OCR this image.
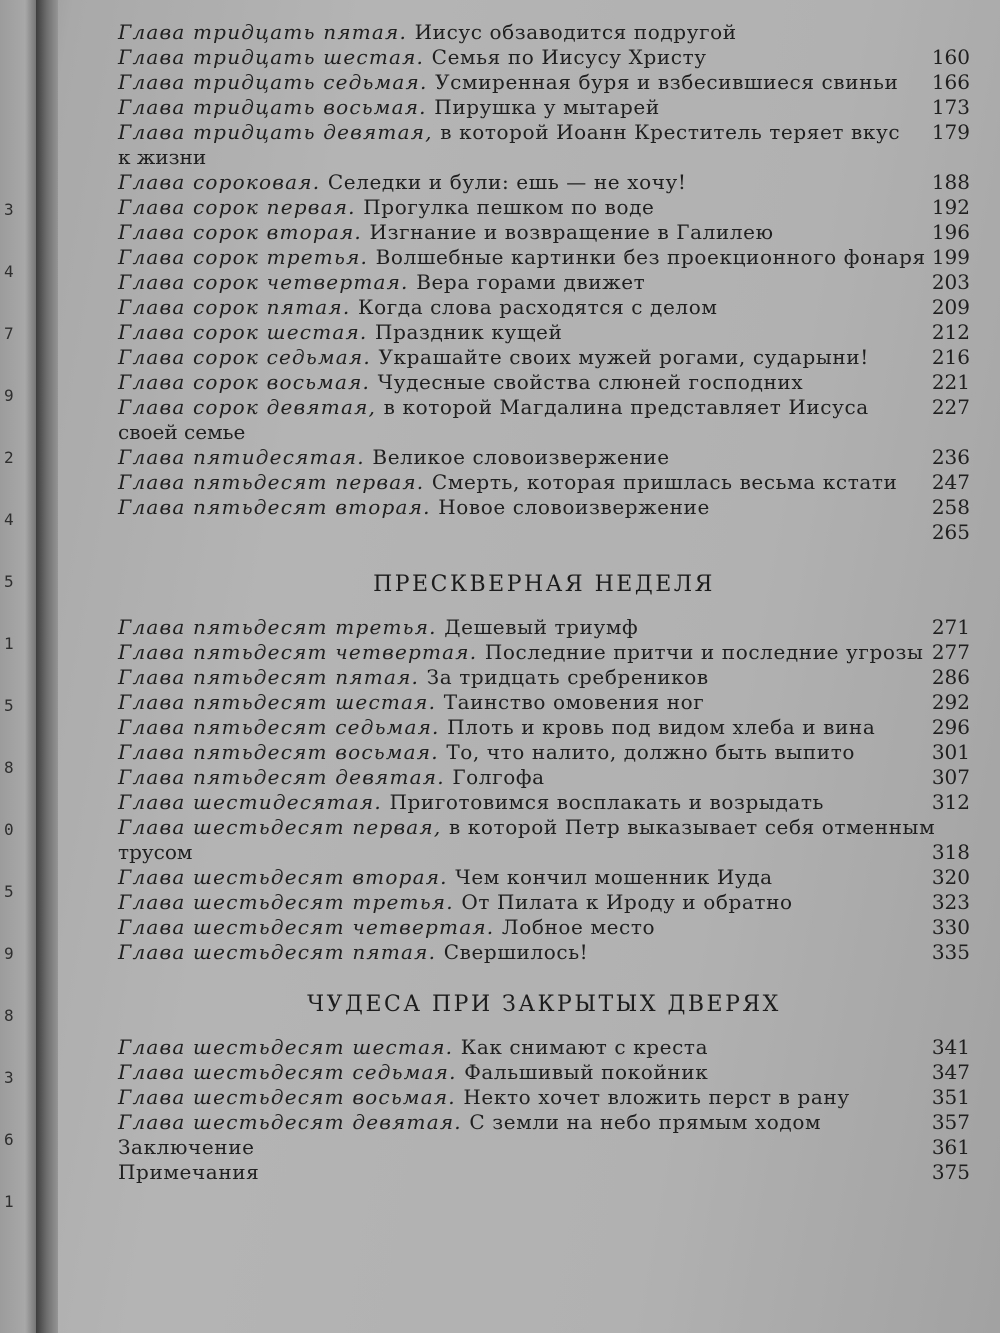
3
4
7
9
2
4
5
1
5
8
0
5
9
8
3
6
1
Глава тридцать пятая. Иисус обзаводится подругой
Глава тридцать шестая. Семья по Иисусу Христу	160
Глава тридцать седьмая. Усмиренная буря и взбесившиеся свиньи	166
Глава тридцать восьмая. Пирушка у мытарей	173
Глава тридцать девятая, в которой Иоанн Креститель теряет вкус	179
к жизни
Глава сороковая. Селедки и були: ешь — не хочу!	188
Глава сорок первая. Прогулка пешком по воде	192
Глава сорок вторая. Изгнание и возвращение в Галилею	196
Глава сорок третья. Волшебные картинки без проекционного фонаря 199
Глава сорок четвертая. Вера горами движет	203
Глава сорок пятая. Когда слова расходятся с делом	209
Глава сорок шестая. Праздник кущей	212
Глава сорок седьмая. Украшайте своих мужей рогами, сударыни!	216
Глава сорок восьмая. Чудесные свойства слюней господних	221
Глава сорок девятая, в которой Магдалина представляет Иисуса	227
своей семье
Глава пятидесятая. Великое словоизвержение	236
Глава пятьдесят первая. Смерть, которая пришлась весьма кстати	247
Глава пятьдесят вторая. Новое словоизвержение	258
265
ПРЕСКВЕРНАЯ НЕДЕЛЯ
Глава пятьдесят третья. Дешевый триумф	271
Глава пятьдесят четвертая. Последние притчи и последние угрозы 277
Глава пятьдесят пятая. За тридцать сребреников	286
Глава пятьдесят шестая. Таинство омовения ног	292
Глава пятьдесят седьмая. Плоть и кровь под видом хлеба и вина	296
Глава пятьдесят восьмая. То, что налито, должно быть выпито	301
Глава пятьдесят девятая. Голгофа	307
Глава шестидесятая. Приготовимся восплакать и возрыдать	312
Глава шестьдесят первая, в которой Петр выказывает себя отменным
трусом	318
Глава шестьдесят вторая. Чем кончил мошенник Иуда	320
Глава шестьдесят третья. От Пилата к Ироду и обратно	323
Глава шестьдесят четвертая. Лобное место	330
Глава шестьдесят пятая. Свершилось!	335
ЧУДЕСА ПРИ ЗАКРЫТЫХ ДВЕРЯХ
Глава шестьдесят шестая. Как снимают с креста	341
Глава шестьдесят седьмая. Фальшивый покойник	347
Глава шестьдесят восьмая. Некто хочет вложить перст в рану	351
Глава шестьдесят девятая. С земли на небо прямым ходом	357
Заключение	361
Примечания	375
